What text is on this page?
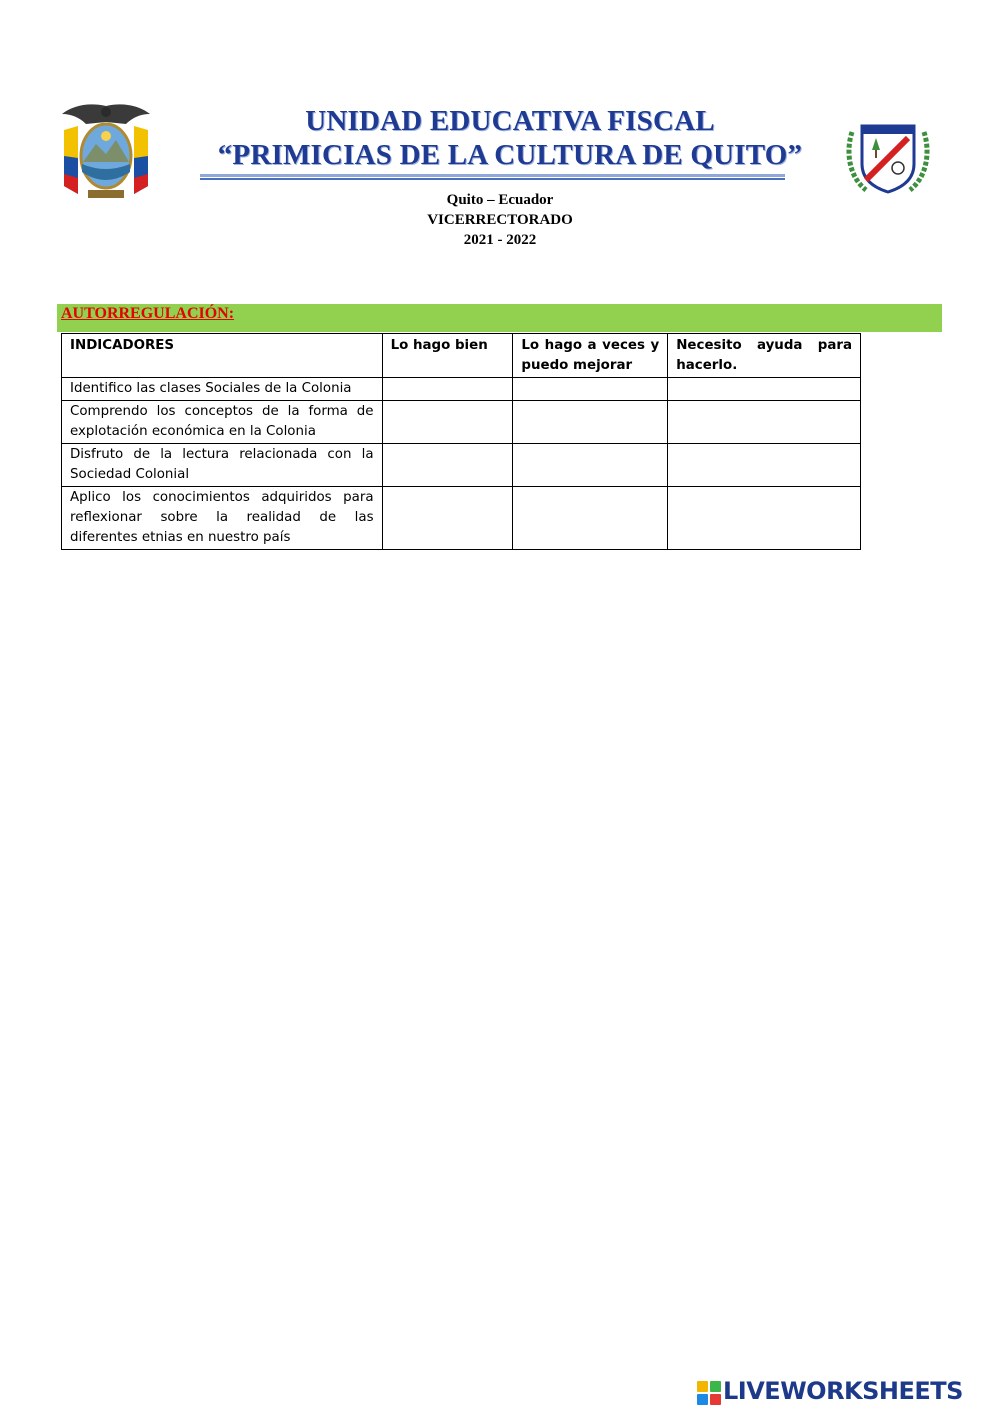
UNIDAD EDUCATIVA FISCAL
“PRIMICIAS DE LA CULTURA DE QUITO”
Quito – Ecuador
VICERRECTORADO
2021 - 2022
AUTORREGULACIÓN:
INDICADORES	Lo hago bien	Lo hago a veces y puedo mejorar	Necesito ayuda para hacerlo.
Identifico las clases Sociales de la Colonia			
Comprendo los conceptos de la forma de explotación económica en la Colonia			
Disfruto de la lectura relacionada con la Sociedad Colonial			
Aplico los conocimientos adquiridos para reflexionar sobre la realidad de las diferentes etnias en nuestro país			
LIVEWORKSHEETS
